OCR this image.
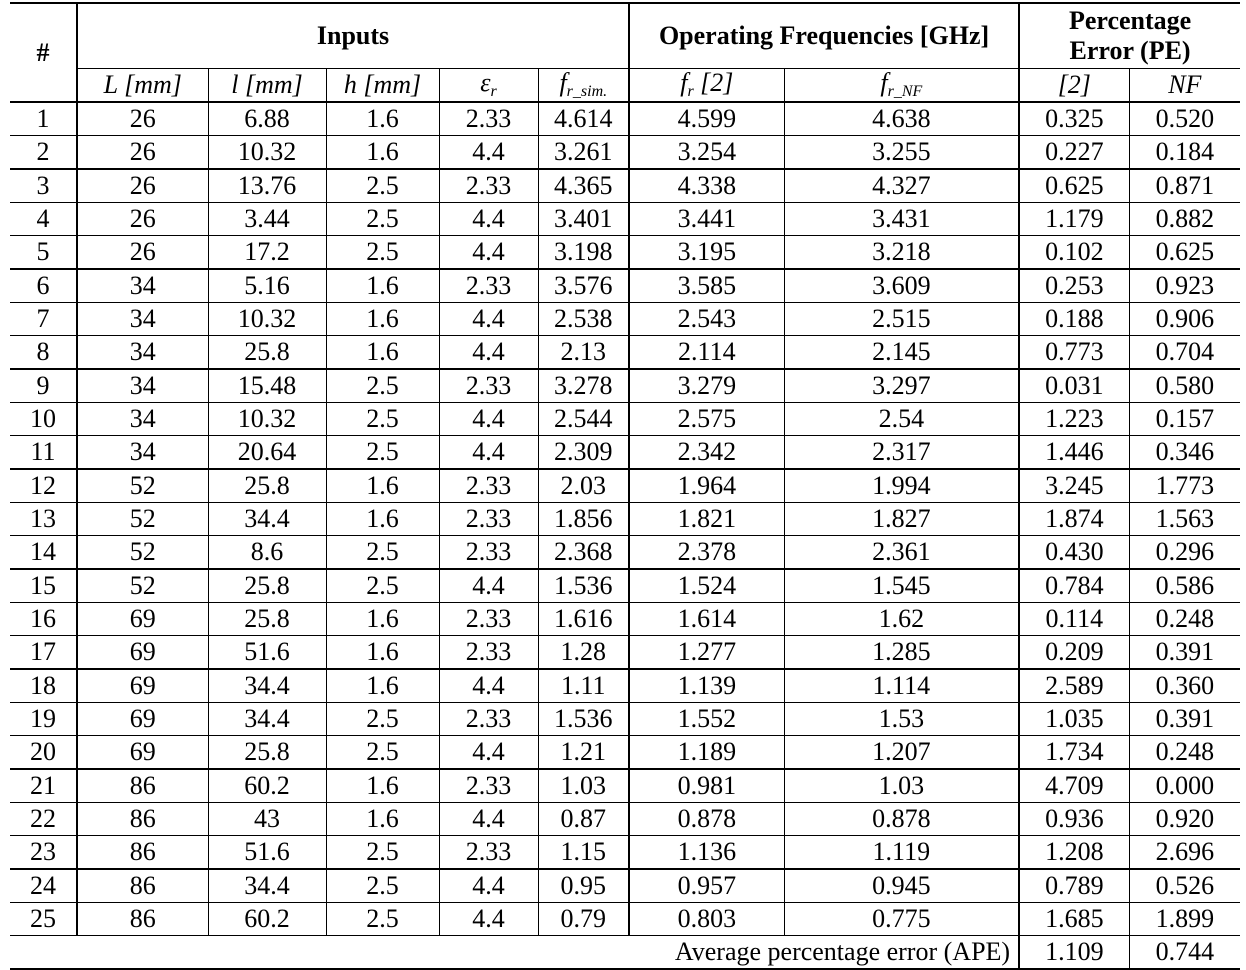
#	Inputs					Operating Frequencies [GHz]		Percentage
Error (PE)	
	L [mm]	l [mm]	h [mm]	$\varepsilon_r$	$f_{r\_sim.}$	$f_r$ [2]	$f_{r\_NF}$	[2]	NF
1	26	6.88	1.6	2.33	4.614	4.599	4.638	0.325	0.520
2	26	10.32	1.6	4.4	3.261	3.254	3.255	0.227	0.184
3	26	13.76	2.5	2.33	4.365	4.338	4.327	0.625	0.871
4	26	3.44	2.5	4.4	3.401	3.441	3.431	1.179	0.882
5	26	17.2	2.5	4.4	3.198	3.195	3.218	0.102	0.625
6	34	5.16	1.6	2.33	3.576	3.585	3.609	0.253	0.923
7	34	10.32	1.6	4.4	2.538	2.543	2.515	0.188	0.906
8	34	25.8	1.6	4.4	2.13	2.114	2.145	0.773	0.704
9	34	15.48	2.5	2.33	3.278	3.279	3.297	0.031	0.580
10	34	10.32	2.5	4.4	2.544	2.575	2.54	1.223	0.157
11	34	20.64	2.5	4.4	2.309	2.342	2.317	1.446	0.346
12	52	25.8	1.6	2.33	2.03	1.964	1.994	3.245	1.773
13	52	34.4	1.6	2.33	1.856	1.821	1.827	1.874	1.563
14	52	8.6	2.5	2.33	2.368	2.378	2.361	0.430	0.296
15	52	25.8	2.5	4.4	1.536	1.524	1.545	0.784	0.586
16	69	25.8	1.6	2.33	1.616	1.614	1.62	0.114	0.248
17	69	51.6	1.6	2.33	1.28	1.277	1.285	0.209	0.391
18	69	34.4	1.6	4.4	1.11	1.139	1.114	2.589	0.360
19	69	34.4	2.5	2.33	1.536	1.552	1.53	1.035	0.391
20	69	25.8	2.5	4.4	1.21	1.189	1.207	1.734	0.248
21	86	60.2	1.6	2.33	1.03	0.981	1.03	4.709	0.000
22	86	43	1.6	4.4	0.87	0.878	0.878	0.936	0.920
23	86	51.6	2.5	2.33	1.15	1.136	1.119	1.208	2.696
24	86	34.4	2.5	4.4	0.95	0.957	0.945	0.789	0.526
25	86	60.2	2.5	4.4	0.79	0.803	0.775	1.685	1.899
Average percentage error (APE)								1.109	0.744
